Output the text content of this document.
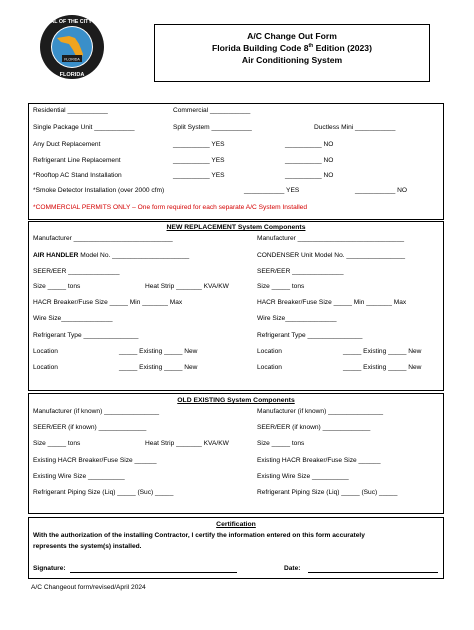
FLORIDA
SEAL OF THE CITY OF
FLORIDA
A/C Change Out Form
Florida Building Code 8th Edition (2023)
Air Conditioning System
Residential ___________	Commercial ___________
Single Package Unit ___________	Split System ___________	Ductless Mini ___________
Any Duct Replacement	__________ YES	__________ NO
Refrigerant Line Replacement	__________ YES	__________ NO
*Rooftop AC Stand Installation	__________ YES	__________ NO
*Smoke Detector Installation (over 2000 cfm)	___________ YES	___________ NO
*COMMERCIAL PERMITS ONLY – One form required for each separate A/C System Installed
NEW REPLACEMENT System Components
Manufacturer ___________________________	Manufacturer _____________________________
AIR HANDLER Model No. _____________________	CONDENSER Unit Model No. ________________
SEER/EER ______________	SEER/EER ______________
Size _____ tons	Heat Strip _______ KVA/KW	Size _____ tons
HACR Breaker/Fuse Size _____ Min _______ Max	HACR Breaker/Fuse Size _____ Min _______ Max
Wire Size______________	Wire Size______________
Refrigerant Type _______________	Refrigerant Type _______________
Location	_____ Existing _____ New	Location	_____ Existing _____ New
Location	_____ Existing _____ New	Location	_____ Existing _____ New
OLD EXISTING System Components
Manufacturer (if known) _______________	Manufacturer (if known) _______________
SEER/EER (if known) _____________	SEER/EER (if known) _____________
Size _____ tons	Heat Strip _______ KVA/KW	Size _____ tons
Existing HACR Breaker/Fuse Size ______	Existing HACR Breaker/Fuse Size ______
Existing Wire Size __________	Existing Wire Size __________
Refrigerant Piping Size (Liq) _____ (Suc) _____	Refrigerant Piping Size (Liq) _____ (Suc) _____
Certification
With the authorization of the installing Contractor, I certify the information entered on this form accurately
represents the system(s) installed.
Signature:	Date:
A/C Changeout form/revised/April 2024
